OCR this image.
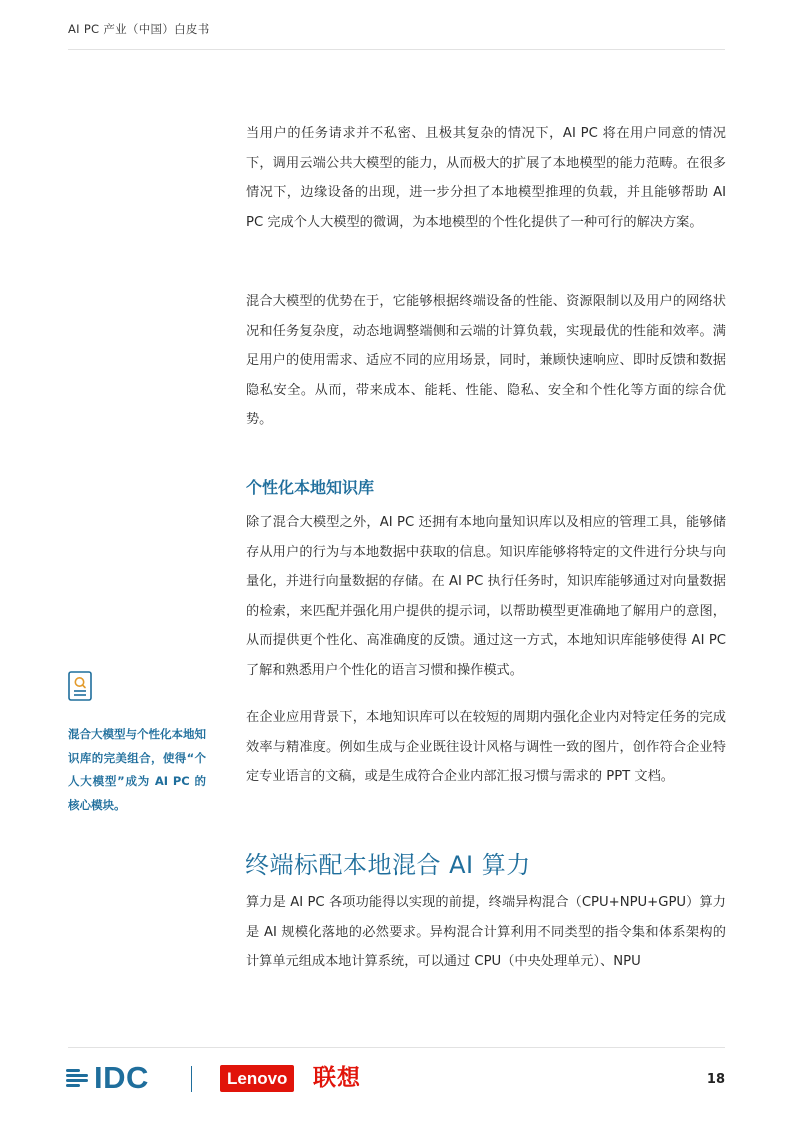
AI PC 产业（中国）白皮书

当用户的任务请求并不私密、且极其复杂的情况下，AI PC 将在用户同意的情况下，调用云端公共大模型的能力，从而极大的扩展了本地模型的能力范畴。在很多情况下，边缘设备的出现，进一步分担了本地模型推理的负载，并且能够帮助 AI PC 完成个人大模型的微调，为本地模型的个性化提供了一种可行的解决方案。

混合大模型的优势在于，它能够根据终端设备的性能、资源限制以及用户的网络状况和任务复杂度，动态地调整端侧和云端的计算负载，实现最优的性能和效率。满足用户的使用需求、适应不同的应用场景，同时，兼顾快速响应、即时反馈和数据隐私安全。从而，带来成本、能耗、性能、隐私、安全和个性化等方面的综合优势。

个性化本地知识库

除了混合大模型之外，AI PC 还拥有本地向量知识库以及相应的管理工具，能够储存从用户的行为与本地数据中获取的信息。知识库能够将特定的文件进行分块与向量化，并进行向量数据的存储。在 AI PC 执行任务时，知识库能够通过对向量数据的检索，来匹配并强化用户提供的提示词，以帮助模型更准确地了解用户的意图，从而提供更个性化、高准确度的反馈。通过这一方式，本地知识库能够使得 AI PC 了解和熟悉用户个性化的语言习惯和操作模式。

混合大模型与个性化本地知识库的完美组合，使得“个人大模型”成为 AI PC 的核心模块。

在企业应用背景下，本地知识库可以在较短的周期内强化企业内对特定任务的完成效率与精准度。例如生成与企业既往设计风格与调性一致的图片，创作符合企业特定专业语言的文稿，或是生成符合企业内部汇报习惯与需求的 PPT 文档。

终端标配本地混合 AI 算力

算力是 AI PC 各项功能得以实现的前提，终端异构混合（CPU+NPU+GPU）算力是 AI 规模化落地的必然要求。异构混合计算利用不同类型的指令集和体系架构的计算单元组成本地计算系统，可以通过 CPU（中央处理单元）、NPU

IDC	Lenovo	联想	18
